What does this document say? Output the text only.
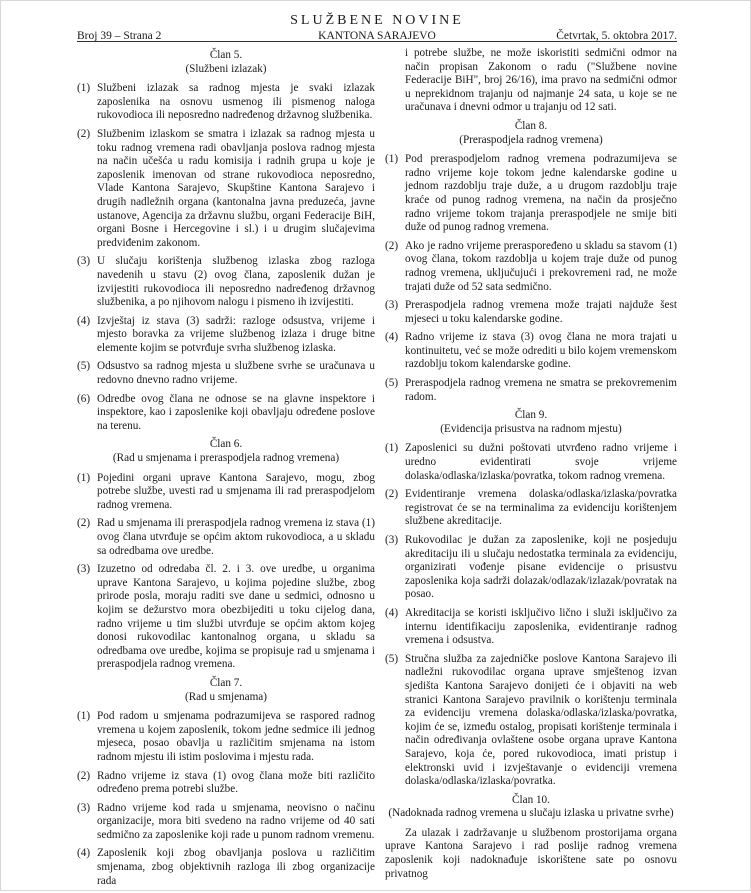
SLUŽBENE NOVINE
Broj 39 – Strana 2	KANTONA SARAJEVO	Četvrtak, 5. oktobra 2017.
Član 5.
(Službeni izlazak)
(1) Službeni izlazak sa radnog mjesta je svaki izlazak zaposlenika na osnovu usmenog ili pismenog naloga rukovodioca ili neposredno nadređenog državnog službenika.
(2) Službenim izlaskom se smatra i izlazak sa radnog mjesta u toku radnog vremena radi obavljanja poslova radnog mjesta na način učešća u radu komisija i radnih grupa u koje je zaposlenik imenovan od strane rukovodioca neposredno, Vlade Kantona Sarajevo, Skupštine Kantona Sarajevo i drugih nadležnih organa (kantonalna javna preduzeća, javne ustanove, Agencija za državnu službu, organi Federacije BiH, organi Bosne i Hercegovine i sl.) i u drugim slučajevima predviđenim zakonom.
(3) U slučaju korištenja službenog izlaska zbog razloga navedenih u stavu (2) ovog člana, zaposlenik dužan je izvijestiti rukovodioca ili neposredno nadređenog državnog službenika, a po njihovom nalogu i pismeno ih izvijestiti.
(4) Izvještaj iz stava (3) sadrži: razloge odsustva, vrijeme i mjesto boravka za vrijeme službenog izlaza i druge bitne elemente kojim se potvrđuje svrha službenog izlaska.
(5) Odsustvo sa radnog mjesta u službene svrhe se uračunava u redovno dnevno radno vrijeme.
(6) Odredbe ovog člana ne odnose se na glavne inspektore i inspektore, kao i zaposlenike koji obavljaju određene poslove na terenu.
Član 6.
(Rad u smjenama i preraspodjela radnog vremena)
(1) Pojedini organi uprave Kantona Sarajevo, mogu, zbog potrebe službe, uvesti rad u smjenama ili rad preraspodjelom radnog vremena.
(2) Rad u smjenama ili preraspodjela radnog vremena iz stava (1) ovog člana utvrđuje se općim aktom rukovodioca, a u skladu sa odredbama ove uredbe.
(3) Izuzetno od odredaba čl. 2. i 3. ove uredbe, u organima uprave Kantona Sarajevo, u kojima pojedine službe, zbog prirode posla, moraju raditi sve dane u sedmici, odnosno u kojim se dežurstvo mora obezbijediti u toku cijelog dana, radno vrijeme u tim službi utvrđuje se općim aktom kojeg donosi rukovodilac kantonalnog organa, u skladu sa odredbama ove uredbe, kojima se propisuje rad u smjenama i preraspodjela radnog vremena.
Član 7.
(Rad u smjenama)
(1) Pod radom u smjenama podrazumijeva se raspored radnog vremena u kojem zaposlenik, tokom jedne sedmice ili jednog mjeseca, posao obavlja u različitim smjenama na istom radnom mjestu ili istim poslovima i mjestu rada.
(2) Radno vrijeme iz stava (1) ovog člana može biti različito određeno prema potrebi službe.
(3) Radno vrijeme kod rada u smjenama, neovisno o načinu organizacije, mora biti svedeno na radno vrijeme od 40 sati sedmično za zaposlenike koji rade u punom radnom vremenu.
(4) Zaposlenik koji zbog obavljanja poslova u različitim smjenama, zbog objektivnih razloga ili zbog organizacije rada
i potrebe službe, ne može iskoristiti sedmični odmor na način propisan Zakonom o radu ("Službene novine Federacije BiH", broj 26/16), ima pravo na sedmični odmor u neprekidnom trajanju od najmanje 24 sata, u koje se ne uračunava i dnevni odmor u trajanju od 12 sati.
Član 8.
(Preraspodjela radnog vremena)
(1) Pod preraspodjelom radnog vremena podrazumijeva se radno vrijeme koje tokom jedne kalendarske godine u jednom razdoblju traje duže, a u drugom razdoblju traje kraće od punog radnog vremena, na način da prosječno radno vrijeme tokom trajanja preraspodjele ne smije biti duže od punog radnog vremena.
(2) Ako je radno vrijeme preraspoređeno u skladu sa stavom (1) ovog člana, tokom razdoblja u kojem traje duže od punog radnog vremena, uključujući i prekovremeni rad, ne može trajati duže od 52 sata sedmično.
(3) Preraspodjela radnog vremena može trajati najduže šest mjeseci u toku kalendarske godine.
(4) Radno vrijeme iz stava (3) ovog člana ne mora trajati u kontinuitetu, već se može odrediti u bilo kojem vremenskom razdoblju tokom kalendarske godine.
(5) Preraspodjela radnog vremena ne smatra se prekovremenim radom.
Član 9.
(Evidencija prisustva na radnom mjestu)
(1) Zaposlenici su dužni poštovati utvrđeno radno vrijeme i uredno evidentirati svoje vrijeme dolaska/odlaska/izlaska/povratka, tokom radnog vremena.
(2) Evidentiranje vremena dolaska/odlaska/izlaska/povratka registrovat će se na terminalima za evidenciju korištenjem službene akreditacije.
(3) Rukovodilac je dužan za zaposlenike, koji ne posjeduju akreditaciju ili u slučaju nedostatka terminala za evidenciju, organizirati vođenje pisane evidencije o prisustvu zaposlenika koja sadrži dolazak/odlazak/izlazak/povratak na posao.
(4) Akreditacija se koristi isključivo lično i služi isključivo za internu identifikaciju zaposlenika, evidentiranje radnog vremena i odsustva.
(5) Stručna služba za zajedničke poslove Kantona Sarajevo ili nadležni rukovodilac organa uprave smještenog izvan sjedišta Kantona Sarajevo donijeti će i objaviti na web stranici Kantona Sarajevo pravilnik o korištenju terminala za evidenciju vremena dolaska/odlaska/izlaska/povratka, kojim će se, između ostalog, propisati korištenje terminala i način određivanja ovlaštene osobe organa uprave Kantona Sarajevo, koja će, pored rukovodioca, imati pristup i elektronski uvid i izvještavanje o evidenciji vremena dolaska/odlaska/izlaska/povratka.
Član 10.
(Nadoknada radnog vremena u slučaju izlaska u privatne svrhe)
Za ulazak i zadržavanje u službenom prostorijama organa uprave Kantona Sarajevo i rad poslije radnog vremena zaposlenik koji nadoknađuje iskorištene sate po osnovu privatnog
